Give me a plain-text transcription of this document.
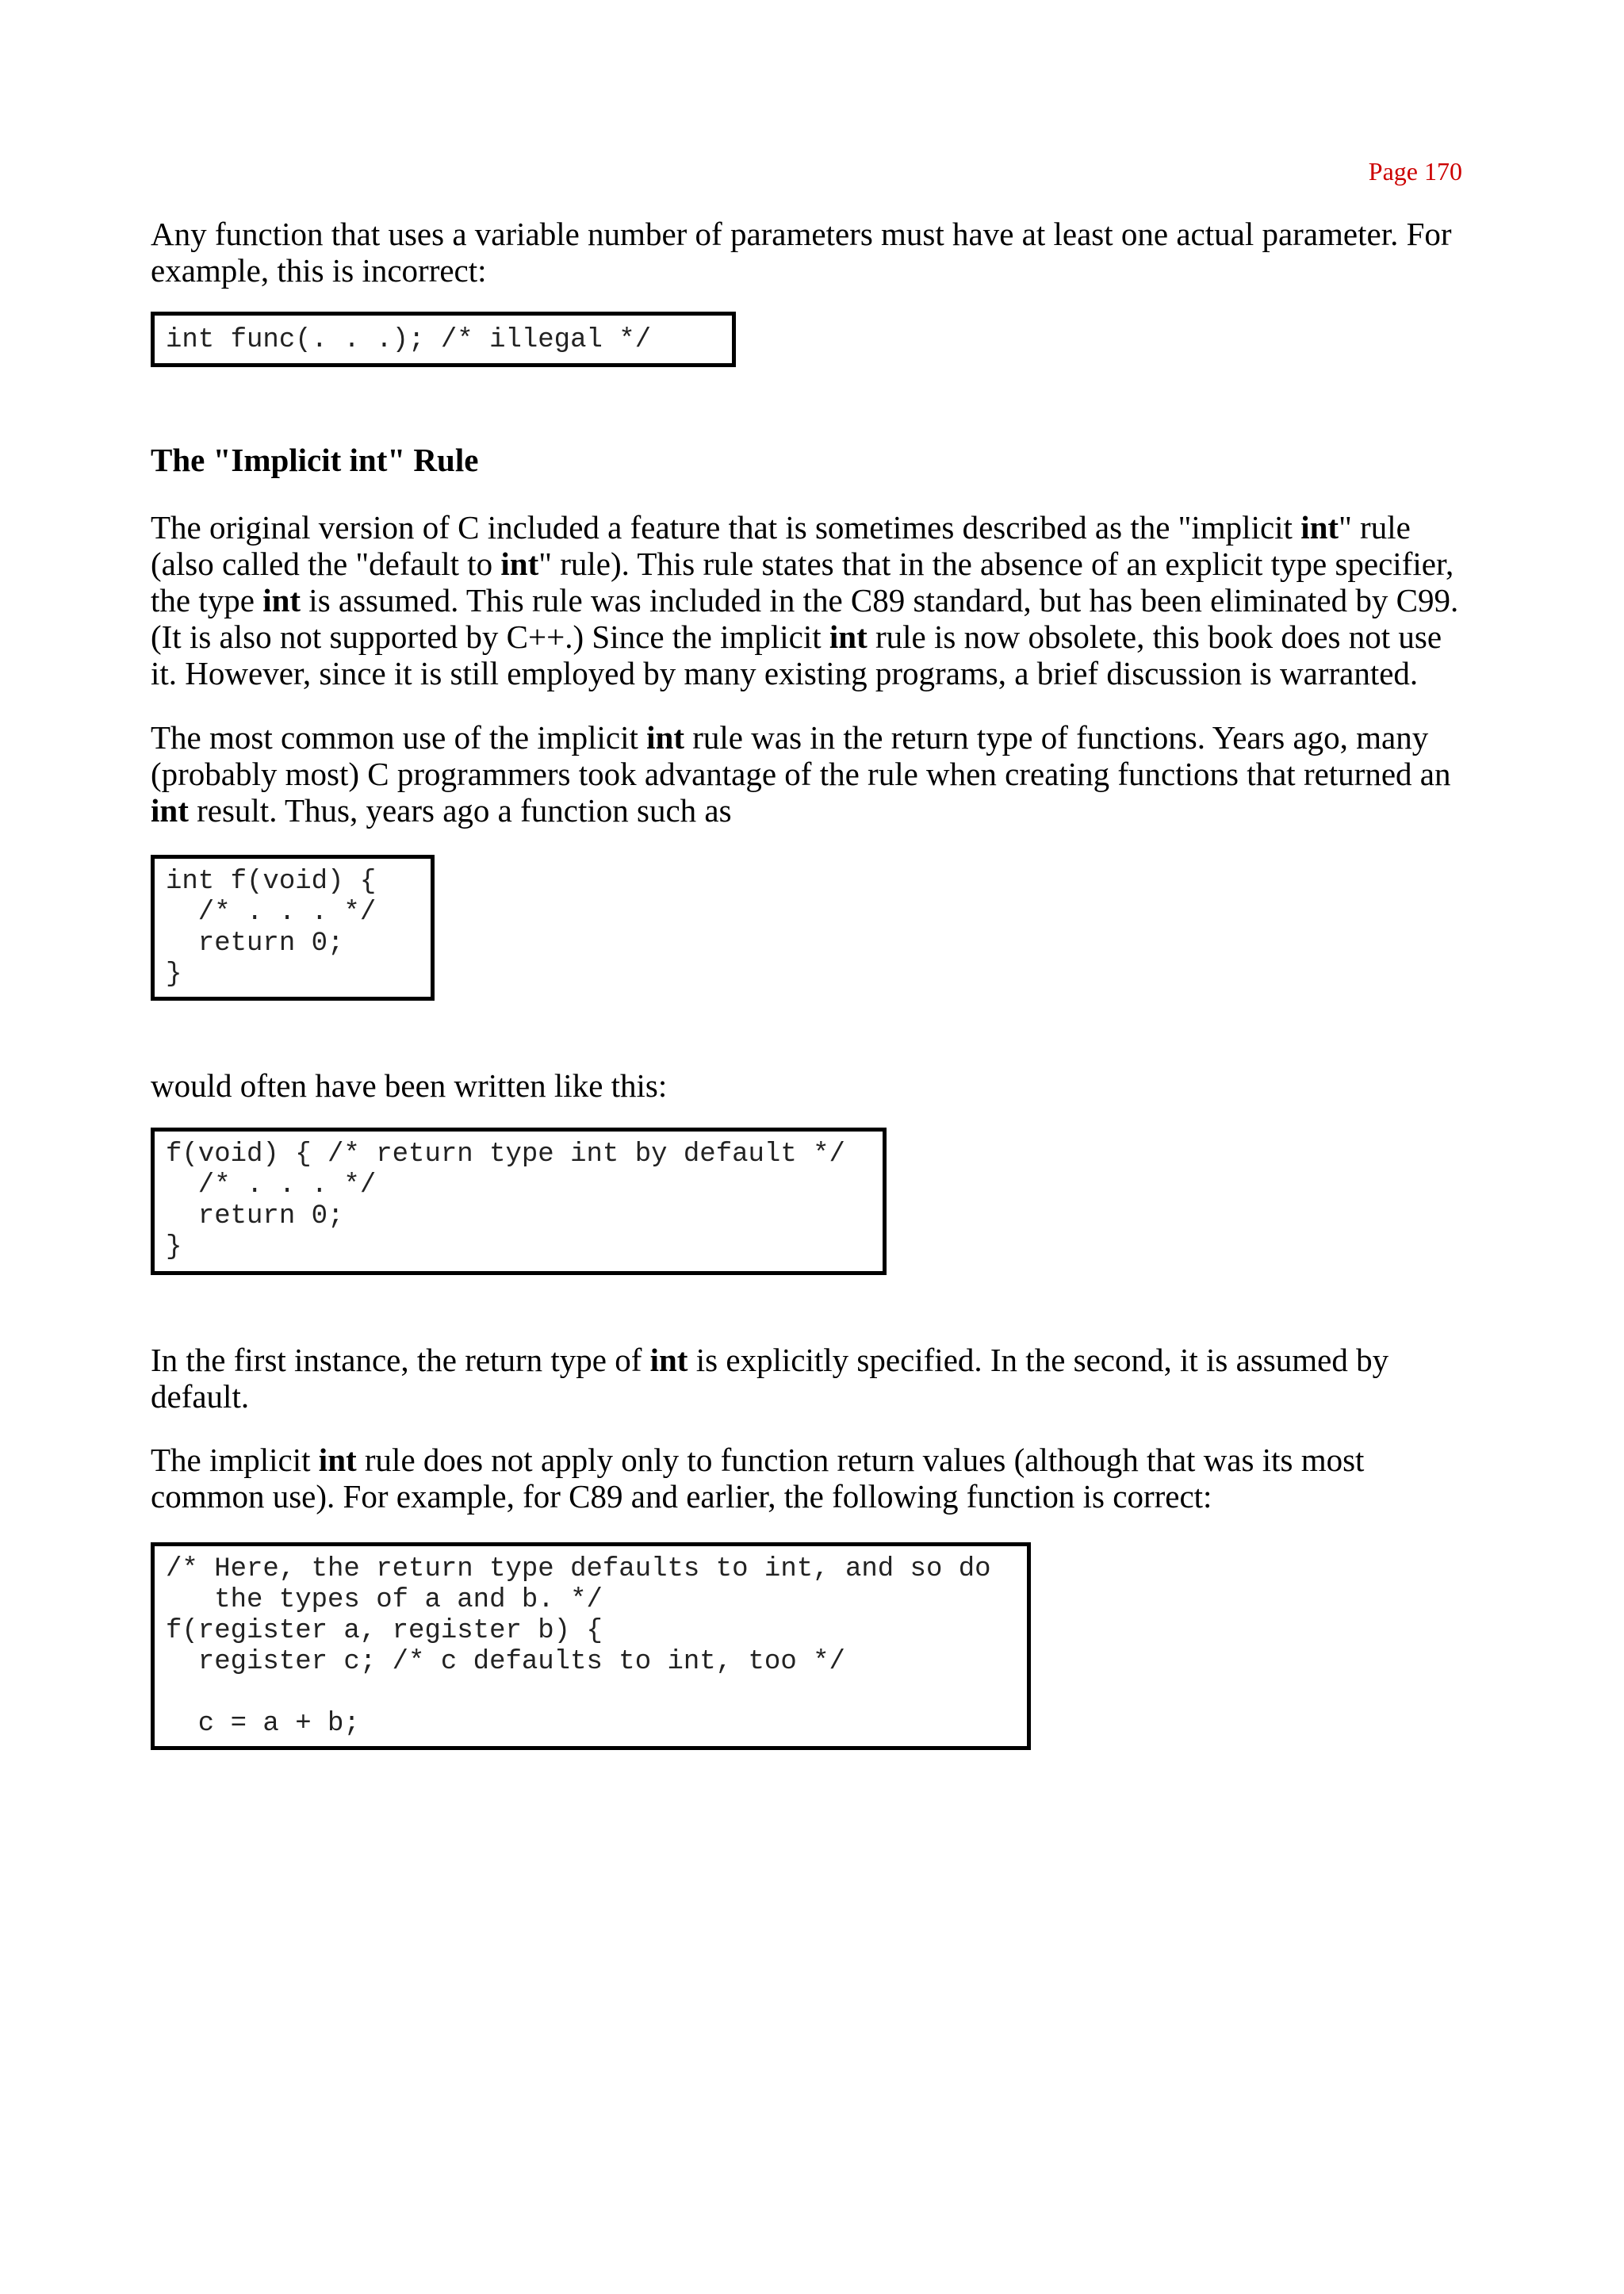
Page 170

Any function that uses a variable number of parameters must have at least one actual parameter. For
example, this is incorrect:

int func(. . .); /* illegal */
The "Implicit int" Rule

The original version of C included a feature that is sometimes described as the "implicit int" rule
(also called the "default to int" rule). This rule states that in the absence of an explicit type specifier,
the type int is assumed. This rule was included in the C89 standard, but has been eliminated by C99.
(It is also not supported by C++.) Since the implicit int rule is now obsolete, this book does not use
it. However, since it is still employed by many existing programs, a brief discussion is warranted.

The most common use of the implicit int rule was in the return type of functions. Years ago, many
(probably most) C programmers took advantage of the rule when creating functions that returned an
int result. Thus, years ago a function such as

int f(void) {
/* . . . */
return 0;
}

would often have been written like this:

f(void) { /* return type int by default */
/* . . . */
return 0;
}

In the first instance, the return type of int is explicitly specified. In the second, it is assumed by
default.

The implicit int rule does not apply only to function return values (although that was its most
common use). For example, for C89 and earlier, the following function is correct:

/* Here, the return type defaults to int, and so do
the types of a and b. */
f(register a, register b) {
register c; /* c defaults to int, too */

c = a + b;
